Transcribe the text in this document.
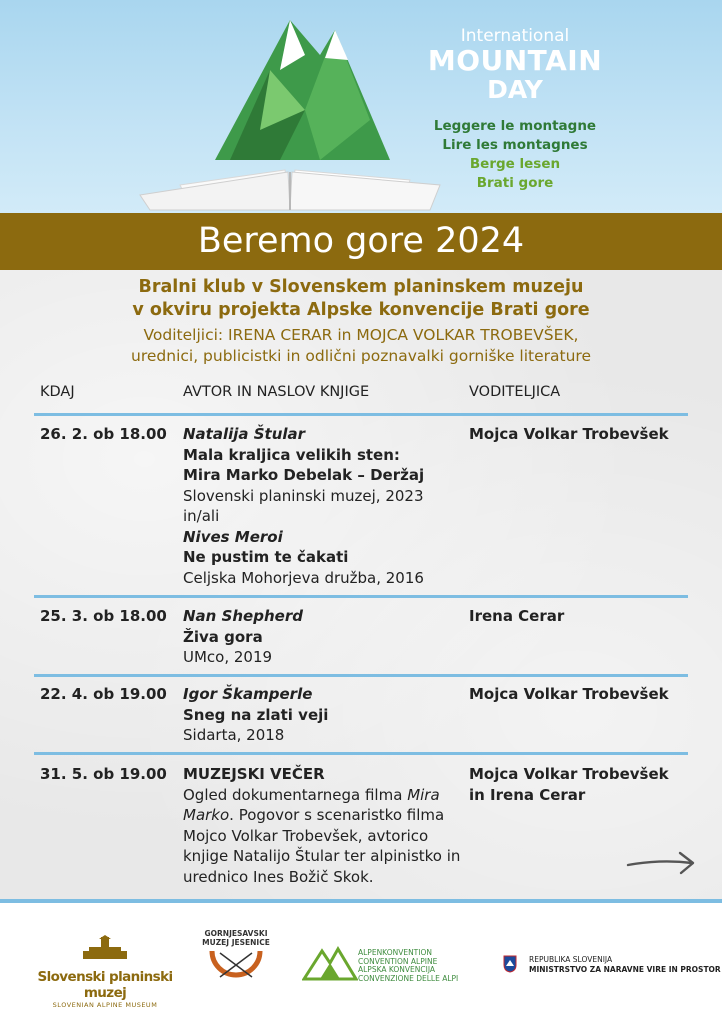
International
MOUNTAIN
DAY
Leggere le montagne
Lire les montagnes
Berge lesen
Brati gore
Beremo gore 2024
Bralni klub v Slovenskem planinskem muzeju
v okviru projekta Alpske konvencije Brati gore
Voditeljici: IRENA CERAR in MOJCA VOLKAR TROBEVŠEK,
urednici, publicistki in odlični poznavalki gorniške literature
KDAJ	AVTOR IN NASLOV KNJIGE	VODITELJICA
26. 2. ob 18.00 Natalija Štular
Mala kraljica velikih sten:
Mira Marko Debelak – Deržaj
Slovenski planinski muzej, 2023
in/ali
Nives Meroi
Ne pustim te čakati
Celjska Mohorjeva družba, 2016
Mojca Volkar Trobevšek
25. 3. ob 18.00 Nan Shepherd
Živa gora
UMco, 2019
Irena Cerar
22. 4. ob 19.00 Igor Škamperle
Sneg na zlati veji
Sidarta, 2018
Mojca Volkar Trobevšek
31. 5. ob 19.00 MUZEJSKI VEČER
Ogled dokumentarnega filma Mira Marko. Pogovor s scenaristko filma Mojco Volkar Trobevšek, avtorico knjige Natalijo Štular ter alpinistko in urednico Ines Božič Skok.
Mojca Volkar Trobevšek
in Irena Cerar
Slovenski planinski muzej
SLOVENIAN ALPINE MUSEUM
GORNJESAVSKI
MUZEJ JESENICE
ALPENKONVENTION
CONVENTION ALPINE
ALPSKA KONVENCIJA
CONVENZIONE DELLE ALPI
REPUBLIKA SLOVENIJA
MINISTRSTVO ZA NARAVNE VIRE IN PROSTOR
